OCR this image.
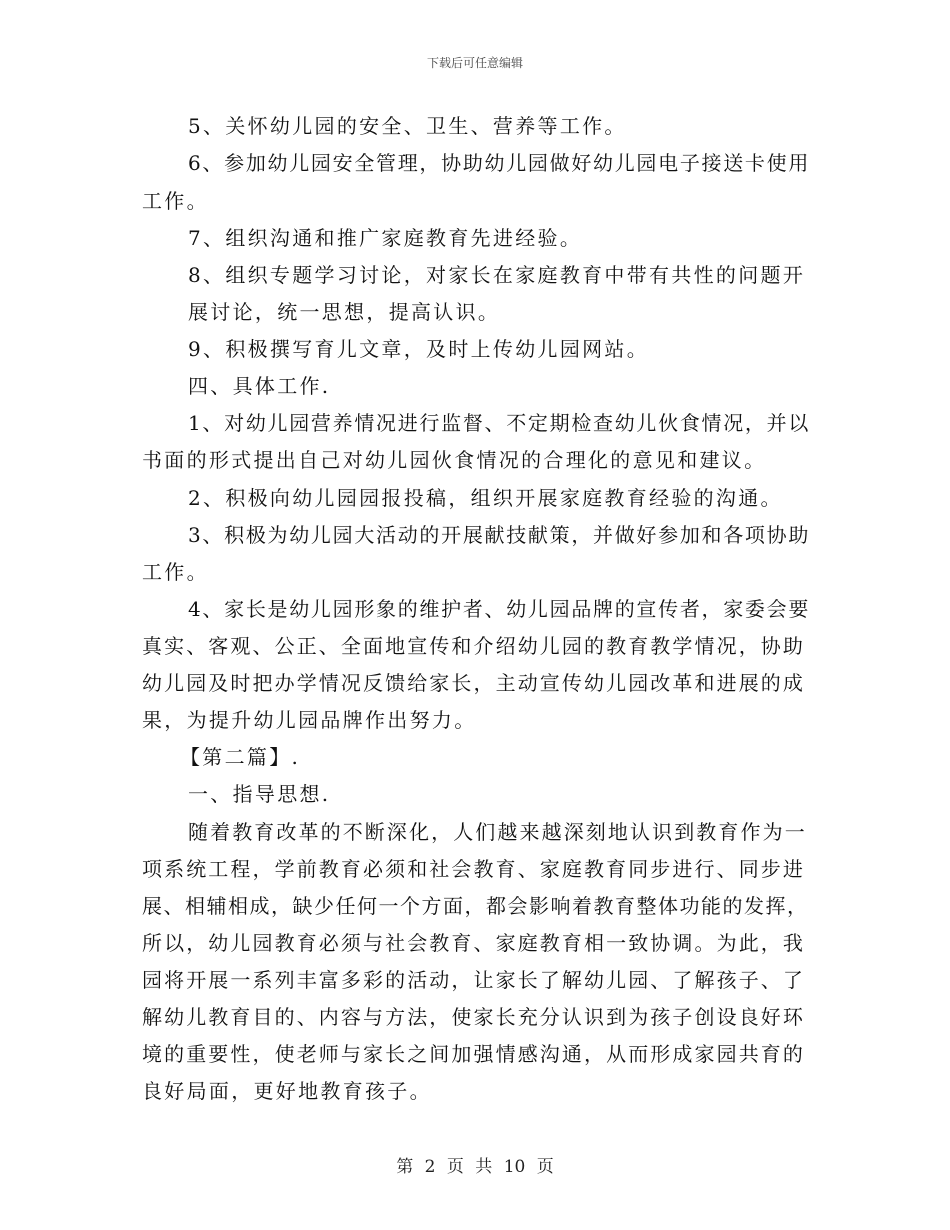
下载后可任意编辑
5、关怀幼儿园的安全、卫生、营养等工作。
6、参加幼儿园安全管理，协助幼儿园做好幼儿园电子接送卡使用
工作。
7、组织沟通和推广家庭教育先进经验。
8、组织专题学习讨论，对家长在家庭教育中带有共性的问题开
展讨论，统一思想，提高认识。
9、积极撰写育儿文章，及时上传幼儿园网站。
四、具体工作.
1、对幼儿园营养情况进行监督、不定期检查幼儿伙食情况，并以
书面的形式提出自己对幼儿园伙食情况的合理化的意见和建议。
2、积极向幼儿园园报投稿，组织开展家庭教育经验的沟通。
3、积极为幼儿园大活动的开展献技献策，并做好参加和各项协助
工作。
4、家长是幼儿园形象的维护者、幼儿园品牌的宣传者，家委会要
真实、客观、公正、全面地宣传和介绍幼儿园的教育教学情况，协助
幼儿园及时把办学情况反馈给家长，主动宣传幼儿园改革和进展的成
果，为提升幼儿园品牌作出努力。
【第二篇】.
一、指导思想.
随着教育改革的不断深化，人们越来越深刻地认识到教育作为一
项系统工程，学前教育必须和社会教育、家庭教育同步进行、同步进
展、相辅相成，缺少任何一个方面，都会影响着教育整体功能的发挥，
所以，幼儿园教育必须与社会教育、家庭教育相一致协调。为此，我
园将开展一系列丰富多彩的活动，让家长了解幼儿园、了解孩子、了
解幼儿教育目的、内容与方法，使家长充分认识到为孩子创设良好环
境的重要性，使老师与家长之间加强情感沟通，从而形成家园共育的
良好局面，更好地教育孩子。
第 2 页 共 10 页
